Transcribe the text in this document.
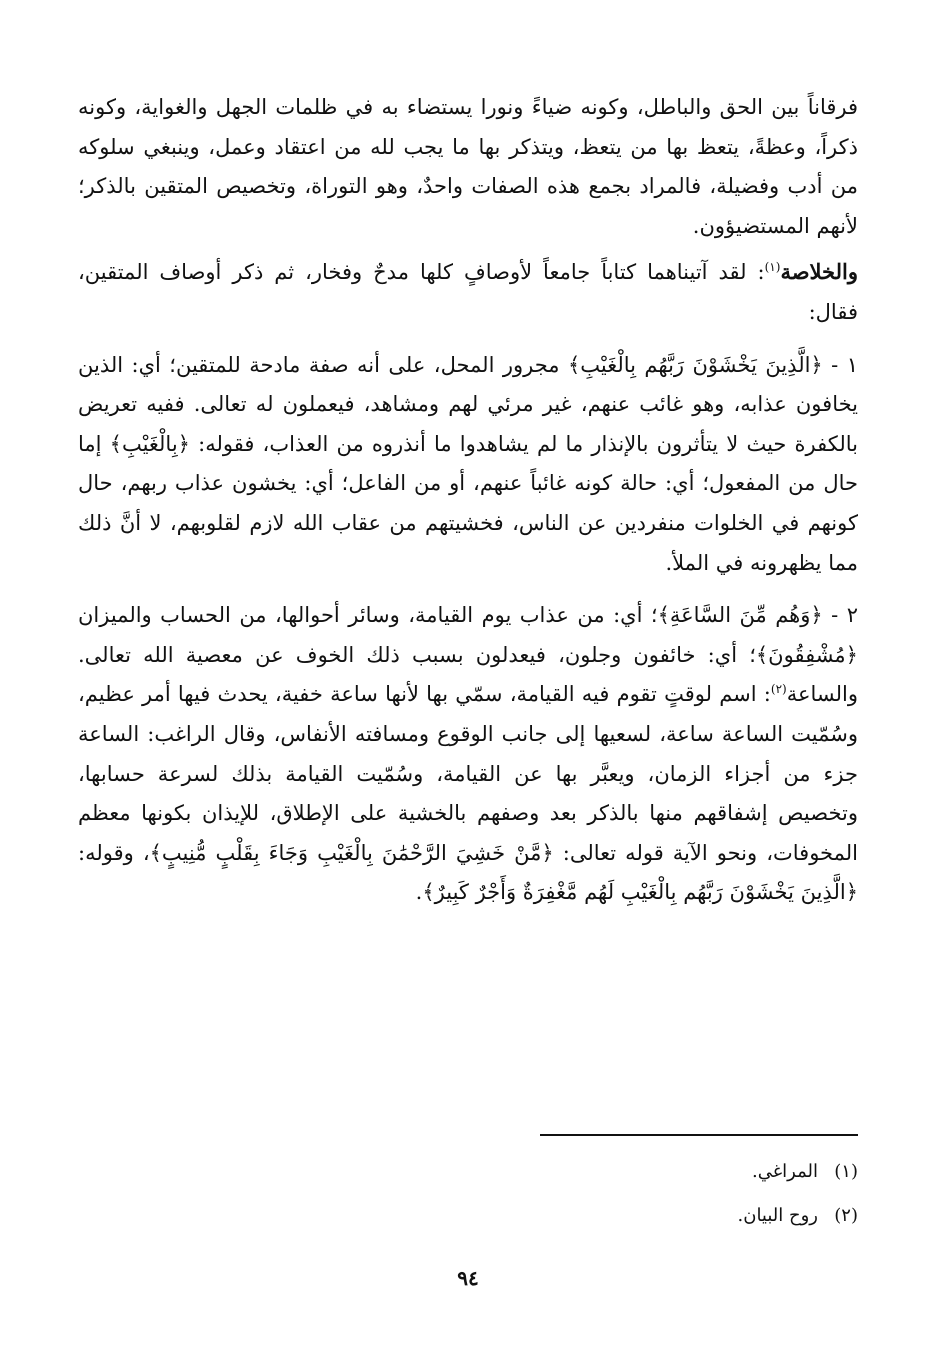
فرقاناً بين الحق والباطل، وكونه ضياءً ونورا يستضاء به في ظلمات الجهل والغواية، وكونه ذكراً، وعظةً، يتعظ بها من يتعظ، ويتذكر بها ما يجب لله من اعتقاد وعمل، وينبغي سلوكه من أدب وفضيلة، فالمراد بجمع هذه الصفات واحدٌ، وهو التوراة، وتخصيص المتقين بالذكر؛ لأنهم المستضيؤون.

والخلاصة$^{(١)}$: لقد آتيناهما كتاباً جامعاً لأوصافٍ كلها مدحٌ وفخار، ثم ذكر أوصاف المتقين، فقال:

١ - ﴿الَّذِينَ يَخْشَوْنَ رَبَّهُم بِالْغَيْبِ﴾ مجرور المحل، على أنه صفة مادحة للمتقين؛ أي: الذين يخافون عذابه، وهو غائب عنهم، غير مرئي لهم ومشاهد، فيعملون له تعالى. ففيه تعريض بالكفرة حيث لا يتأثرون بالإنذار ما لم يشاهدوا ما أنذروه من العذاب، فقوله: ﴿بِالْغَيْبِ﴾ إما حال من المفعول؛ أي: حالة كونه غائباً عنهم، أو من الفاعل؛ أي: يخشون عذاب ربهم، حال كونهم في الخلوات منفردين عن الناس، فخشيتهم من عقاب الله لازم لقلوبهم، لا أنَّ ذلك مما يظهرونه في الملأ.

٢ - ﴿وَهُم مِّنَ السَّاعَةِ﴾؛ أي: من عذاب يوم القيامة، وسائر أحوالها، من الحساب والميزان ﴿مُشْفِقُونَ﴾؛ أي: خائفون وجلون، فيعدلون بسبب ذلك الخوف عن معصية الله تعالى. والساعة$^{(٢)}$: اسم لوقتٍ تقوم فيه القيامة، سمّي بها لأنها ساعة خفية، يحدث فيها أمر عظيم، وسُمّيت الساعة ساعة، لسعيها إلى جانب الوقوع ومسافته الأنفاس، وقال الراغب: الساعة جزء من أجزاء الزمان، ويعبَّر بها عن القيامة، وسُمّيت القيامة بذلك لسرعة حسابها، وتخصيص إشفاقهم منها بالذكر بعد وصفهم بالخشية على الإطلاق، للإيذان بكونها معظم المخوفات، ونحو الآية قوله تعالى: ﴿مَّنْ خَشِيَ الرَّحْمَٰنَ بِالْغَيْبِ وَجَاءَ بِقَلْبٍ مُّنِيبٍ﴾، وقوله: ﴿الَّذِينَ يَخْشَوْنَ رَبَّهُم بِالْغَيْبِ لَهُم مَّغْفِرَةٌ وَأَجْرٌ كَبِيرٌ﴾.

(١)المراغي.
(٢)روح البيان.
٩٤
